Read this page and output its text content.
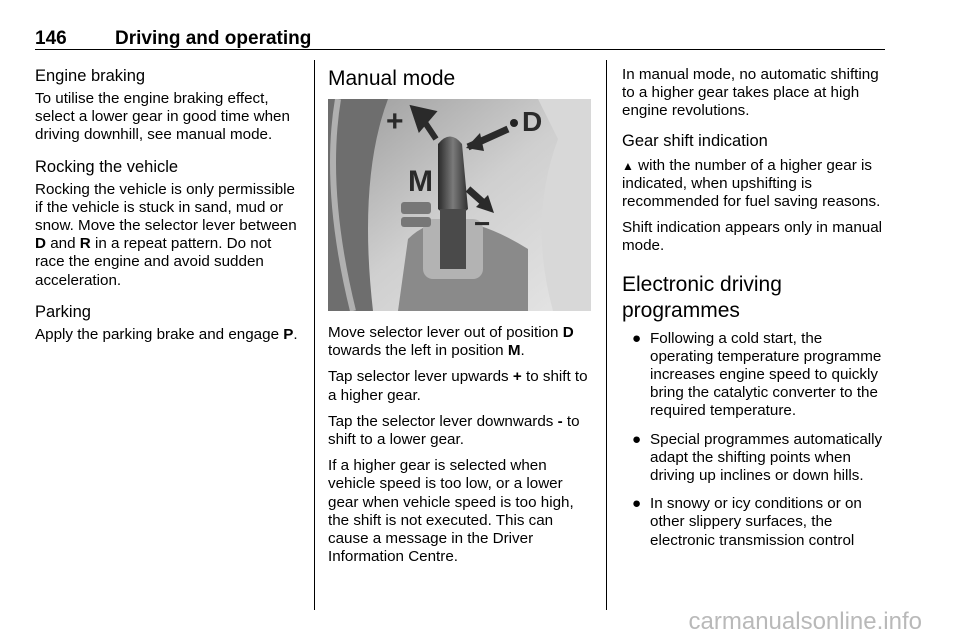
146	Driving and operating
Engine braking

To utilise the engine braking effect, select a lower gear in good time when driving downhill, see manual mode.

Rocking the vehicle

Rocking the vehicle is only permissible if the vehicle is stuck in sand, mud or snow. Move the selector lever between D and R in a repeat pattern. Do not race the engine and avoid sudden acceleration.

Parking

Apply the parking brake and engage P.

Manual mode
+	D
M
−

Move selector lever out of position D towards the left in position M.

Tap selector lever upwards + to shift to a higher gear.

Tap the selector lever downwards - to shift to a lower gear.

If a higher gear is selected when vehicle speed is too low, or a lower gear when vehicle speed is too high, the shift is not executed. This can cause a message in the Driver Information Centre.

In manual mode, no automatic shifting to a higher gear takes place at high engine revolutions.

Gear shift indication

▲ with the number of a higher gear is indicated, when upshifting is recommended for fuel saving reasons.

Shift indication appears only in manual mode.

Electronic driving programmes
● Following a cold start, the operating temperature programme increases engine speed to quickly bring the catalytic converter to the required temperature.
● Special programmes automatically adapt the shifting points when driving up inclines or down hills.
● In snowy or icy conditions or on other slippery surfaces, the electronic transmission control
carmanualsonline.info
